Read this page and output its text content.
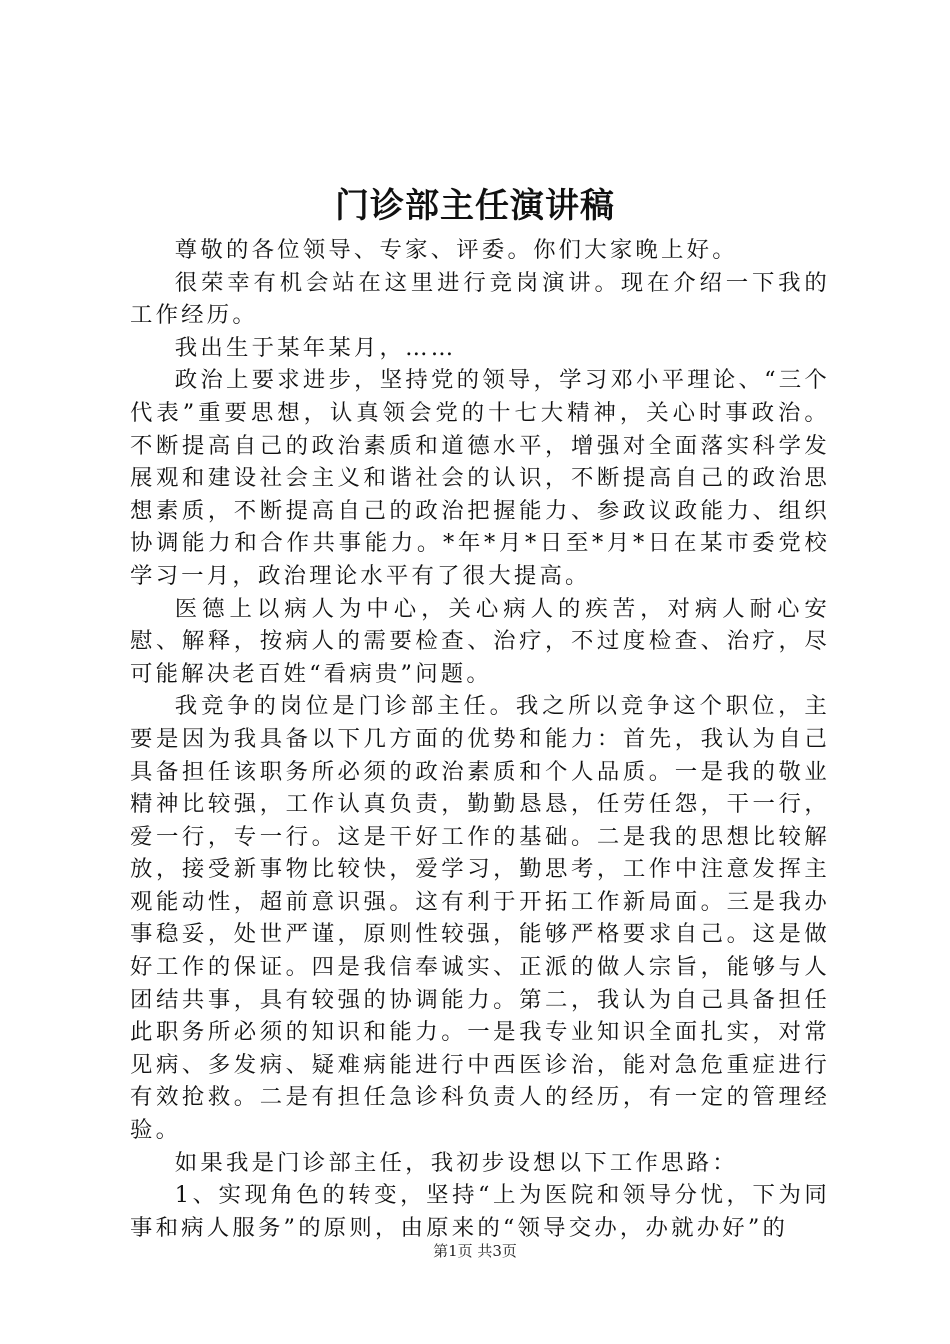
门诊部主任演讲稿

尊敬的各位领导、专家、评委。你们大家晚上好。

很荣幸有机会站在这里进行竞岗演讲。现在介绍一下我的工作经历。

我出生于某年某月，……

政治上要求进步，坚持党的领导，学习邓小平理论、“三个代表”重要思想，认真领会党的十七大精神，关心时事政治。不断提高自己的政治素质和道德水平，增强对全面落实科学发展观和建设社会主义和谐社会的认识，不断提高自己的政治思想素质，不断提高自己的政治把握能力、参政议政能力、组织协调能力和合作共事能力。*年*月*日至*月*日在某市委党校学习一月，政治理论水平有了很大提高。

医德上以病人为中心，关心病人的疾苦，对病人耐心安慰、解释，按病人的需要检查、治疗，不过度检查、治疗，尽可能解决老百姓“看病贵”问题。

我竞争的岗位是门诊部主任。我之所以竞争这个职位，主要是因为我具备以下几方面的优势和能力：首先，我认为自己具备担任该职务所必须的政治素质和个人品质。一是我的敬业精神比较强，工作认真负责，勤勤恳恳，任劳任怨，干一行，爱一行，专一行。这是干好工作的基础。二是我的思想比较解放，接受新事物比较快，爱学习，勤思考，工作中注意发挥主观能动性，超前意识强。这有利于开拓工作新局面。三是我办事稳妥，处世严谨，原则性较强，能够严格要求自己。这是做好工作的保证。四是我信奉诚实、正派的做人宗旨，能够与人团结共事，具有较强的协调能力。第二，我认为自己具备担任此职务所必须的知识和能力。一是我专业知识全面扎实，对常见病、多发病、疑难病能进行中西医诊治，能对急危重症进行有效抢救。二是有担任急诊科负责人的经历，有一定的管理经验。

如果我是门诊部主任，我初步设想以下工作思路：

1、实现角色的转变，坚持“上为医院和领导分忧，下为同事和病人服务”的原则，由原来的“领导交办，办就办好”的

第1页 共3页
